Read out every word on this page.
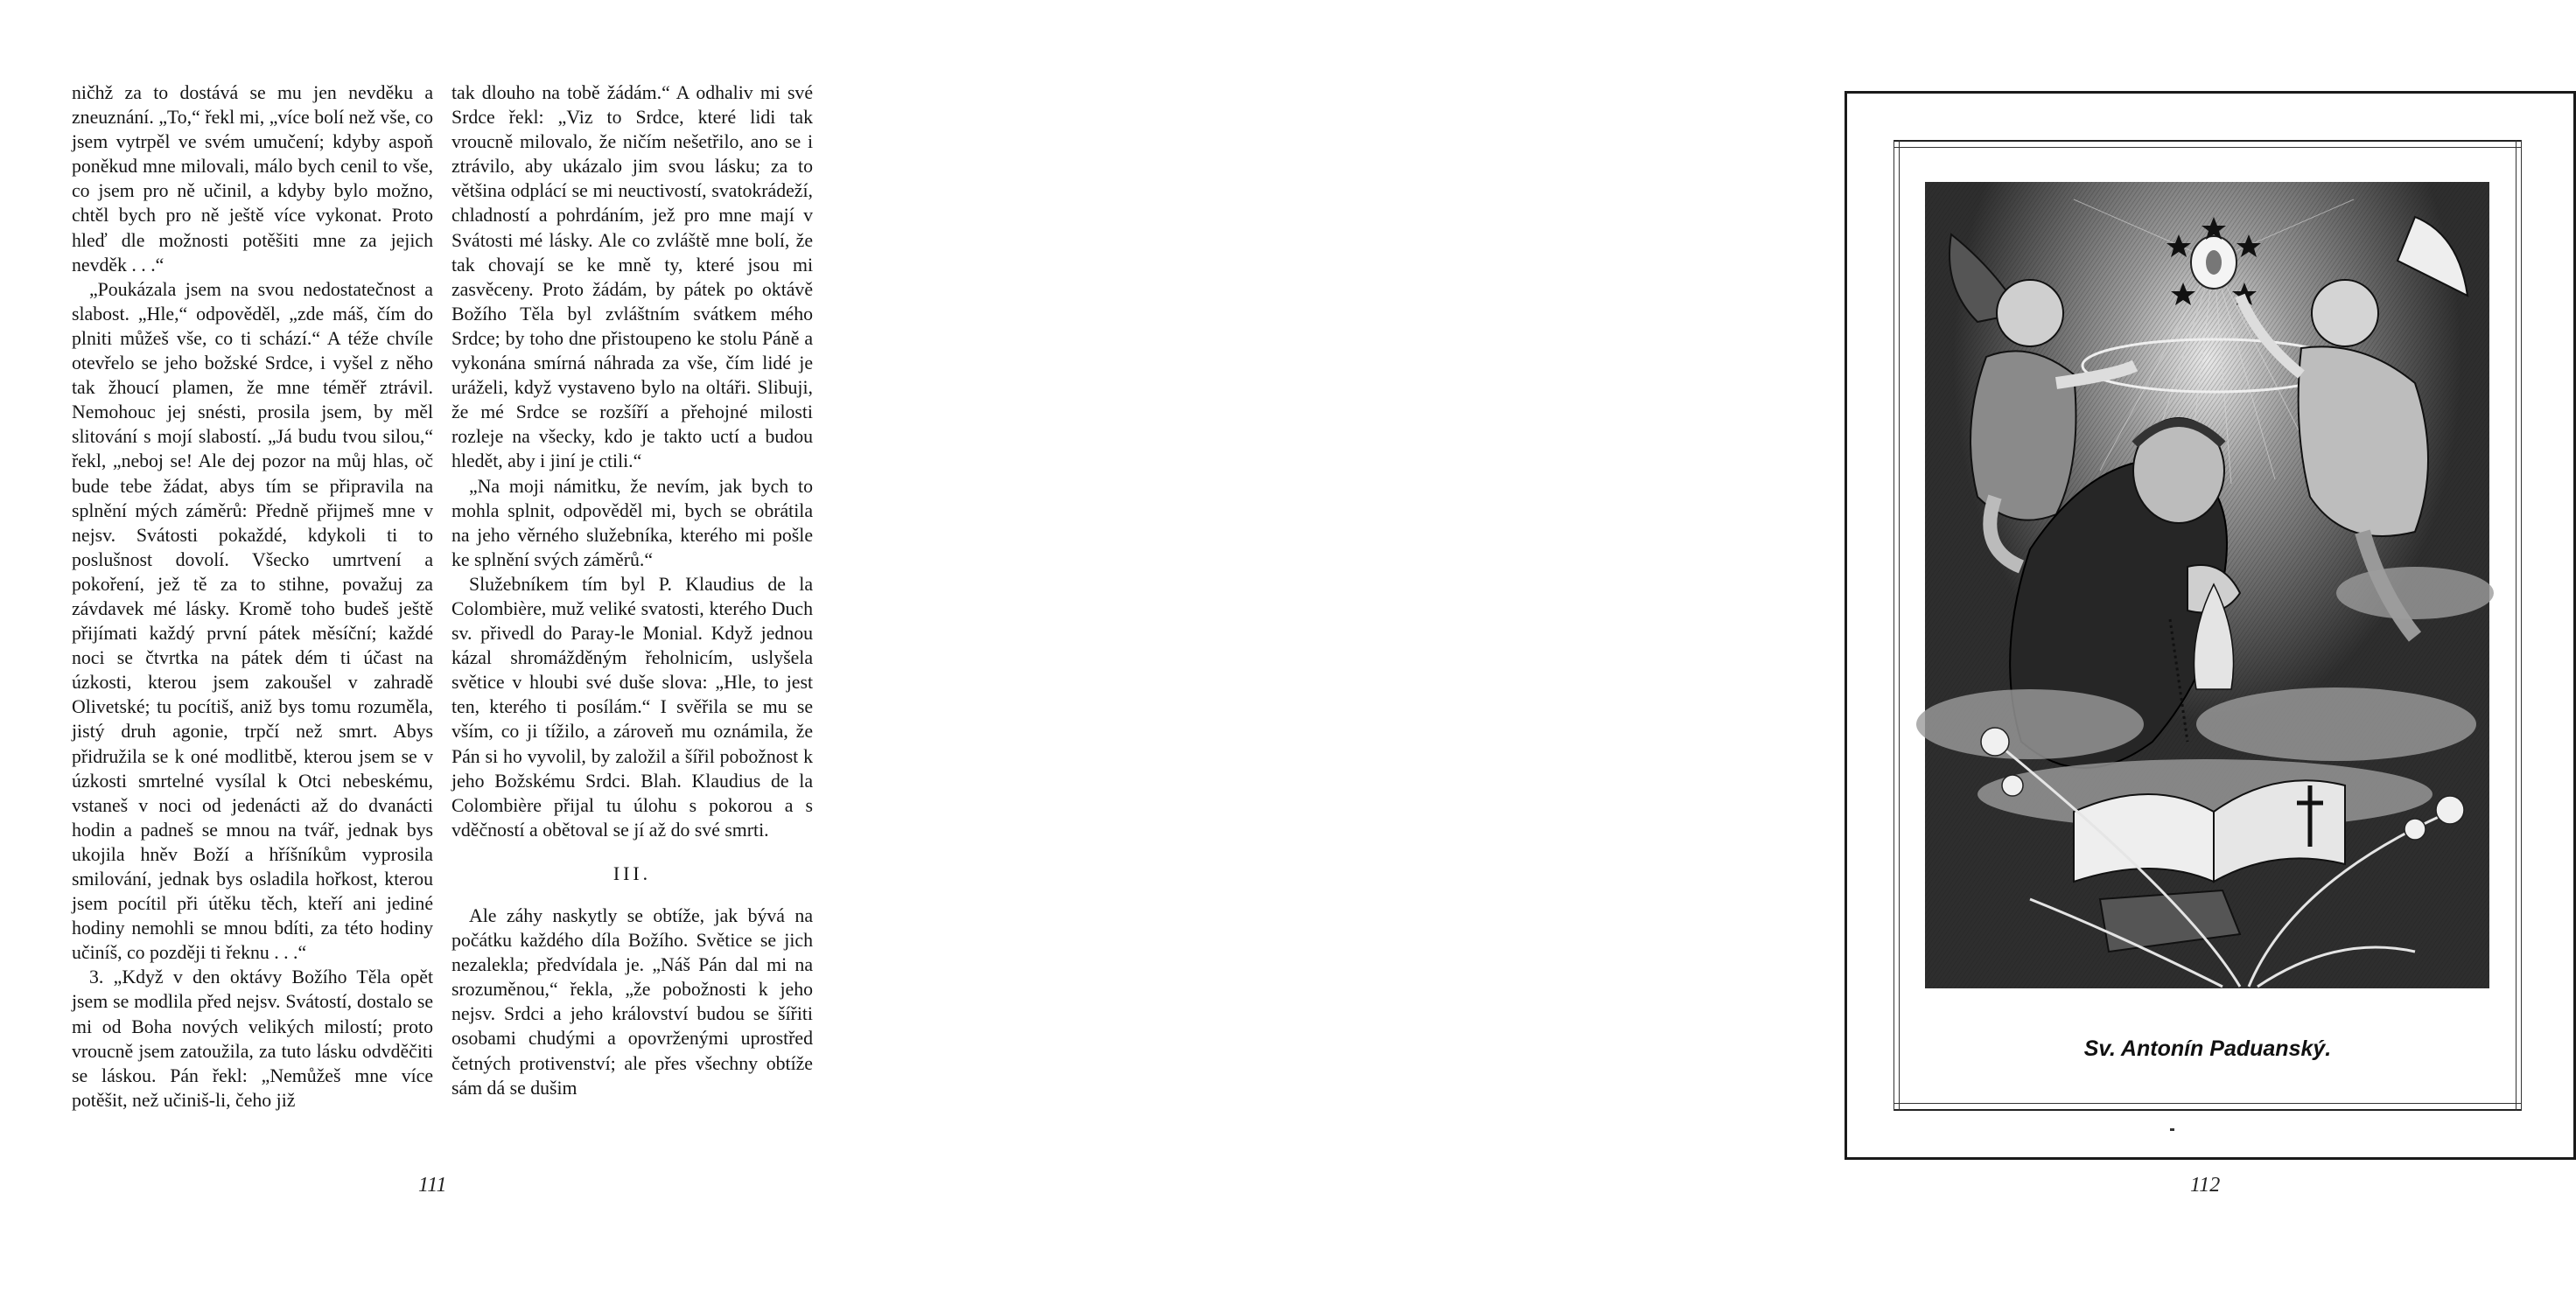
ničhž za to dostává se mu jen nevděku a zneuznání. „To,“ řekl mi, „více bolí než vše, co jsem vytrpěl ve svém umučení; kdyby aspoň poněkud mne milovali, málo bych cenil to vše, co jsem pro ně učinil, a kdyby bylo možno, chtěl bych pro ně ještě více vykonat. Proto hleď dle možnosti potěšiti mne za jejich nevděk . . .“

„Poukázala jsem na svou nedostatečnost a slabost. „Hle,“ odpověděl, „zde máš, čím do plniti můžeš vše, co ti schází.“ A téže chvíle otevřelo se jeho božské Srdce, i vyšel z něho tak žhoucí plamen, že mne téměř ztrávil. Nemohouc jej snésti, prosila jsem, by měl slitování s mojí slabostí. „Já budu tvou silou,“ řekl, „neboj se! Ale dej pozor na můj hlas, oč bude tebe žádat, abys tím se připravila na splnění mých záměrů: Předně přijmeš mne v nejsv. Svátosti pokaždé, kdykoli ti to poslušnost dovolí. Všecko umrtvení a pokoření, jež tě za to stihne, považuj za závdavek mé lásky. Kromě toho budeš ještě přijímati každý první pátek měsíční; každé noci se čtvrtka na pátek dém ti účast na úzkosti, kterou jsem zakoušel v zahradě Olivetské; tu pocítiš, aniž bys tomu rozuměla, jistý druh agonie, trpčí než smrt. Abys přidružila se k oné modlitbě, kterou jsem se v úzkosti smrtelné vysílal k Otci nebeskému, vstaneš v noci od jedenácti až do dvanácti hodin a padneš se mnou na tvář, jednak bys ukojila hněv Boží a hříšníkům vyprosila smilování, jednak bys osladila hořkost, kterou jsem pocítil při útěku těch, kteří ani jediné hodiny nemohli se mnou bdíti, za této hodiny učiníš, co později ti řeknu . . .“

3. „Když v den oktávy Božího Těla opět jsem se modlila před nejsv. Svátostí, dostalo se mi od Boha nových velikých milostí; proto vroucně jsem zatoužila, za tuto lásku odvděčiti se láskou. Pán řekl: „Nemůžeš mne více potěšit, než učiniš-li, čeho již

tak dlouho na tobě žádám.“ A odhaliv mi své Srdce řekl: „Viz to Srdce, které lidi tak vroucně milovalo, že ničím nešetřilo, ano se i ztrávilo, aby ukázalo jim svou lásku; za to většina odplácí se mi neuctivostí, svatokrádeží, chladností a pohrdáním, jež pro mne mají v Svátosti mé lásky. Ale co zvláště mne bolí, že tak chovají se ke mně ty, které jsou mi zasvěceny. Proto žádám, by pátek po oktávě Božího Těla byl zvláštním svátkem mého Srdce; by toho dne přistoupeno ke stolu Páně a vykonána smírná náhrada za vše, čím lidé je uráželi, když vystaveno bylo na oltáři. Slibuji, že mé Srdce se rozšíří a přehojné milosti rozleje na všecky, kdo je takto uctí a budou hledět, aby i jiní je ctili.“

„Na moji námitku, že nevím, jak bych to mohla splnit, odpověděl mi, bych se obrátila na jeho věrného služebníka, kterého mi pošle ke splnění svých záměrů.“

Služebníkem tím byl P. Klaudius de la Colombière, muž veliké svatosti, kterého Duch sv. přivedl do Paray-le Monial. Když jednou kázal shromážděným řeholnicím, uslyšela světice v hloubi své duše slova: „Hle, to jest ten, kterého ti posílám.“ I svěřila se mu se vším, co ji tížilo, a zároveň mu oznámila, že Pán si ho vyvolil, by založil a šířil pobožnost k jeho Božskému Srdci. Blah. Klaudius de la Colombière přijal tu úlohu s pokorou a s vděčností a obětoval se jí až do své smrti.

III.

Ale záhy naskytly se obtíže, jak bývá na počátku každého díla Božího. Světice se jich nezalekla; předvídala je. „Náš Pán dal mi na srozuměnou,“ řekla, „že pobožnosti k jeho nejsv. Srdci a jeho království budou se šířiti osobami chudými a opovrženými uprostřed četných protivenství; ale přes všechny obtíže sám dá se dušim

111
Sv. Antonín Paduanský.
112
